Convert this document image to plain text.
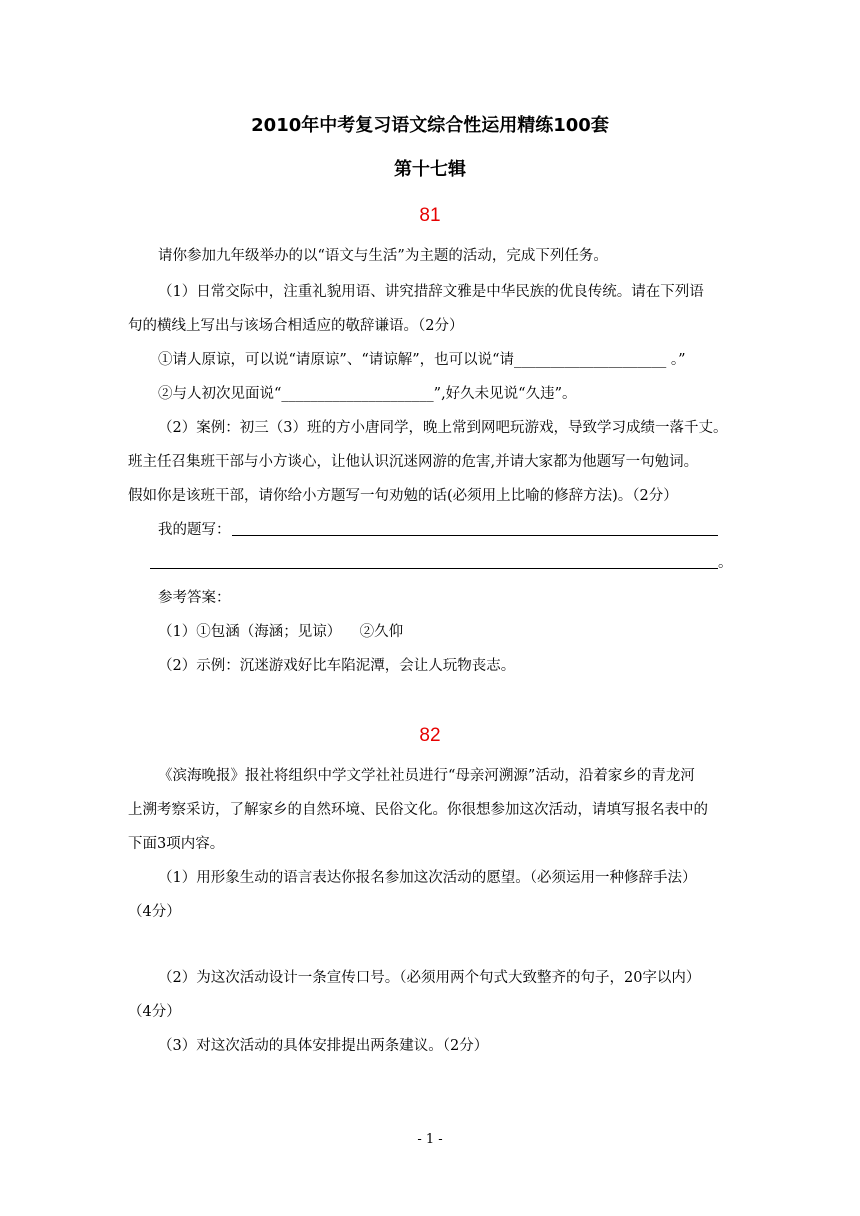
2010年中考复习语文综合性运用精练100套
第十七辑
81
请你参加九年级举办的以“语文与生活”为主题的活动，完成下列任务。
（1）日常交际中，注重礼貌用语、讲究措辞文雅是中华民族的优良传统。请在下列语
句的横线上写出与该场合相适应的敬辞谦语。（2分）
①请人原谅，可以说“请原谅”、“请谅解”，也可以说“请_____________________ 。”
②与人初次见面说“_____________________”,好久未见说“久违”。
（2）案例：初三（3）班的方小唐同学，晚上常到网吧玩游戏，导致学习成绩一落千丈。
班主任召集班干部与小方谈心，让他认识沉迷网游的危害,并请大家都为他题写一句勉词。
假如你是该班干部，请你给小方题写一句劝勉的话(必须用上比喻的修辞方法)。（2分）
我的题写：
。
参考答案：
（1）①包涵（海涵；见谅）    ②久仰
（2）示例：沉迷游戏好比车陷泥潭，会让人玩物丧志。
82
《滨海晚报》报社将组织中学文学社社员进行“母亲河溯源”活动，沿着家乡的青龙河
上溯考察采访，了解家乡的自然环境、民俗文化。你很想参加这次活动，请填写报名表中的
下面3项内容。
（1）用形象生动的语言表达你报名参加这次活动的愿望。（必须运用一种修辞手法）
（4分）
（2）为这次活动设计一条宣传口号。（必须用两个句式大致整齐的句子，20字以内）
（4分）
（3）对这次活动的具体安排提出两条建议。（2分）
- 1 -
